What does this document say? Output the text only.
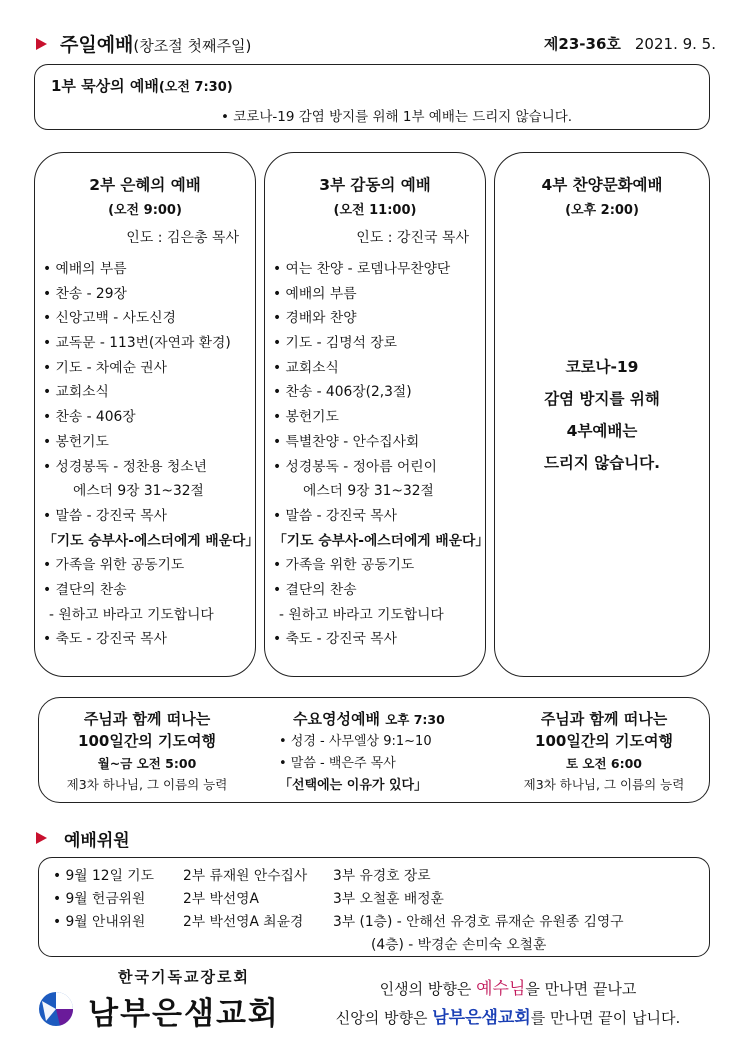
주일예배(창조절 첫째주일)	제23-36호 2021. 9. 5.
1부 묵상의 예배(오전 7:30)
• 코로나-19 감염 방지를 위해 1부 예배는 드리지 않습니다.
2부 은혜의 예배
(오전 9:00)
인도 : 김은총 목사
• 예배의 부름
• 찬송 - 29장
• 신앙고백 - 사도신경
• 교독문 - 113번(자연과 환경)
• 기도 - 차예순 권사
• 교회소식
• 찬송 - 406장
• 봉헌기도
• 성경봉독 - 정찬용 청소년
에스더 9장 31~32절
• 말씀 - 강진국 목사
「기도 승부사-에스더에게 배운다」
• 가족을 위한 공동기도
• 결단의 찬송
- 원하고 바라고 기도합니다
• 축도 - 강진국 목사
3부 감동의 예배
(오전 11:00)
인도 : 강진국 목사
• 여는 찬양 - 로뎀나무찬양단
• 예배의 부름
• 경배와 찬양
• 기도 - 김명석 장로
• 교회소식
• 찬송 - 406장(2,3절)
• 봉헌기도
• 특별찬양 - 안수집사회
• 성경봉독 - 정아름 어린이
에스더 9장 31~32절
• 말씀 - 강진국 목사
「기도 승부사-에스더에게 배운다」
• 가족을 위한 공동기도
• 결단의 찬송
- 원하고 바라고 기도합니다
• 축도 - 강진국 목사
4부 찬양문화예배
(오후 2:00)
코로나-19
감염 방지를 위해
4부예배는
드리지 않습니다.
주님과 함께 떠나는
100일간의 기도여행
월~금 오전 5:00
제3차 하나님, 그 이름의 능력
수요영성예배 오후 7:30
• 성경 - 사무엘상 9:1~10
• 말씀 - 백은주 목사
「선택에는 이유가 있다」
주님과 함께 떠나는
100일간의 기도여행
토 오전 6:00
제3차 하나님, 그 이름의 능력
예배위원
• 9월 12일 기도 2부 류재원 안수집사 3부 유경호 장로
• 9월 헌금위원	2부 박선영A	3부 오철훈 배정훈
• 9월 안내위원	2부 박선영A 최윤경 3부 (1층) - 안해선 유경호 류재순 유원종 김영구
(4층) - 박경순 손미숙 오철훈
한국기독교장로회
남부은샘교회
인생의 방향은 예수님을 만나면 끝나고
신앙의 방향은 남부은샘교회를 만나면 끝이 납니다.
